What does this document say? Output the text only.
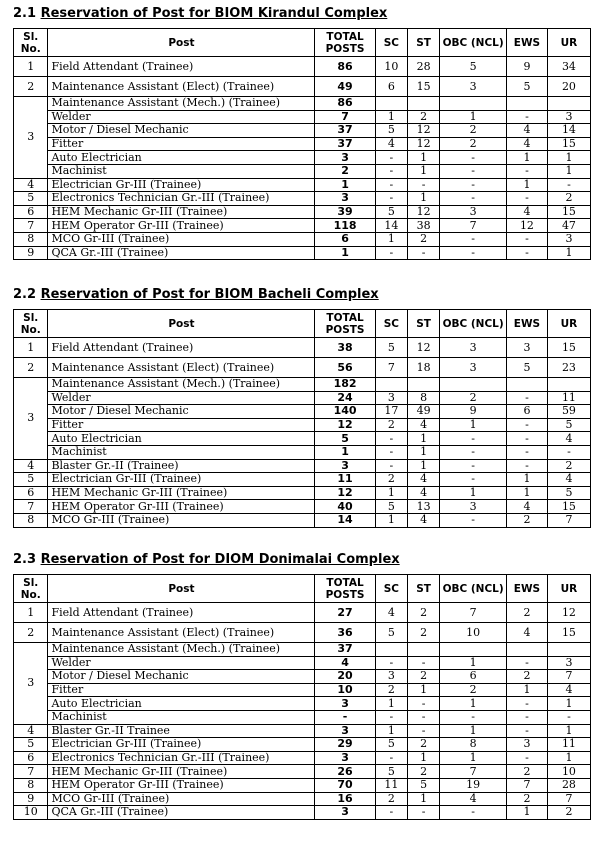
2.1 Reservation of Post for BIOM Kirandul Complex
Sl. No.	Post	TOTAL POSTS	SC	ST	OBC (NCL)	EWS	UR
1	Field Attendant (Trainee)	86	10	28	5	9	34
2	Maintenance Assistant (Elect) (Trainee)	49	6	15	3	5	20
3	Maintenance Assistant (Mech.) (Trainee)	86					
	Welder	7	1	2	1	-	3
	Motor / Diesel Mechanic	37	5	12	2	4	14
	Fitter	37	4	12	2	4	15
	Auto Electrician	3	-	1	-	1	1
	Machinist	2	-	1	-	-	1
4	Electrician Gr-III (Trainee)	1	-	-	-	1	-
5	Electronics Technician Gr.-III (Trainee)	3	-	1	-	-	2
6	HEM Mechanic Gr-III (Trainee)	39	5	12	3	4	15
7	HEM Operator Gr-III (Trainee)	118	14	38	7	12	47
8	MCO Gr-III (Trainee)	6	1	2	-	-	3
9	QCA Gr.-III (Trainee)	1	-	-	-	-	1
2.2 Reservation of Post for BIOM Bacheli Complex
Sl. No.	Post	TOTAL POSTS	SC	ST	OBC (NCL)	EWS	UR
1	Field Attendant (Trainee)	38	5	12	3	3	15
2	Maintenance Assistant (Elect) (Trainee)	56	7	18	3	5	23
3	Maintenance Assistant (Mech.) (Trainee)	182					
	Welder	24	3	8	2	-	11
	Motor / Diesel Mechanic	140	17	49	9	6	59
	Fitter	12	2	4	1	-	5
	Auto Electrician	5	-	1	-	-	4
	Machinist	1	-	1	-	-	-
4	Blaster Gr.-II (Trainee)	3	-	1	-	-	2
5	Electrician Gr-III (Trainee)	11	2	4	-	1	4
6	HEM Mechanic Gr-III (Trainee)	12	1	4	1	1	5
7	HEM Operator Gr-III (Trainee)	40	5	13	3	4	15
8	MCO Gr-III (Trainee)	14	1	4	-	2	7
2.3 Reservation of Post for DIOM Donimalai Complex
Sl. No.	Post	TOTAL POSTS	SC	ST	OBC (NCL)	EWS	UR
1	Field Attendant (Trainee)	27	4	2	7	2	12
2	Maintenance Assistant (Elect) (Trainee)	36	5	2	10	4	15
3	Maintenance Assistant (Mech.) (Trainee)	37					
	Welder	4	-	-	1	-	3
	Motor / Diesel Mechanic	20	3	2	6	2	7
	Fitter	10	2	1	2	1	4
	Auto Electrician	3	1	-	1	-	1
	Machinist	-	-	-	-	-	-
4	Blaster Gr.-II Trainee	3	1	-	1	-	1
5	Electrician Gr-III (Trainee)	29	5	2	8	3	11
6	Electronics Technician Gr.-III (Trainee)	3	-	1	1	-	1
7	HEM Mechanic Gr-III (Trainee)	26	5	2	7	2	10
8	HEM Operator Gr-III (Trainee)	70	11	5	19	7	28
9	MCO Gr-III (Trainee)	16	2	1	4	2	7
10	QCA Gr.-III (Trainee)	3	-	-	-	1	2
